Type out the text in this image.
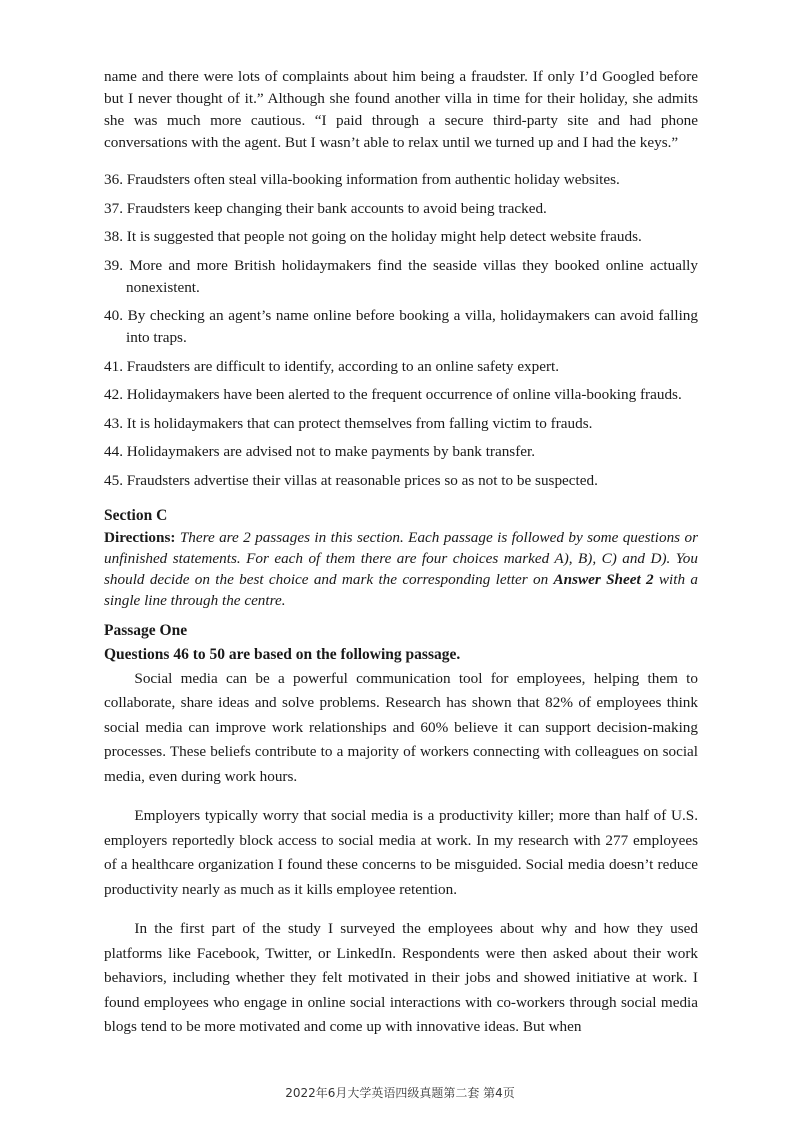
name and there were lots of complaints about him being a fraudster. If only I’d Googled before but I never thought of it.” Although she found another villa in time for their holiday, she admits she was much more cautious. “I paid through a secure third-party site and had phone conversations with the agent. But I wasn’t able to relax until we turned up and I had the keys.”

36. Fraudsters often steal villa-booking information from authentic holiday websites.

37. Fraudsters keep changing their bank accounts to avoid being tracked.

38. It is suggested that people not going on the holiday might help detect website frauds.

39. More and more British holidaymakers find the seaside villas they booked online actually nonexistent.

40. By checking an agent’s name online before booking a villa, holidaymakers can avoid falling into traps.

41. Fraudsters are difficult to identify, according to an online safety expert.

42. Holidaymakers have been alerted to the frequent occurrence of online villa-booking frauds.

43. It is holidaymakers that can protect themselves from falling victim to frauds.

44. Holidaymakers are advised not to make payments by bank transfer.

45. Fraudsters advertise their villas at reasonable prices so as not to be suspected.

Section C

Directions: There are 2 passages in this section. Each passage is followed by some questions or unfinished statements. For each of them there are four choices marked A), B), C) and D). You should decide on the best choice and mark the corresponding letter on Answer Sheet 2 with a single line through the centre.

Passage One
Questions 46 to 50 are based on the following passage.

Social media can be a powerful communication tool for employees, helping them to collaborate, share ideas and solve problems. Research has shown that 82% of employees think social media can improve work relationships and 60% believe it can support decision-making processes. These beliefs contribute to a majority of workers connecting with colleagues on social media, even during work hours.

Employers typically worry that social media is a productivity killer; more than half of U.S. employers reportedly block access to social media at work. In my research with 277 employees of a healthcare organization I found these concerns to be misguided. Social media doesn’t reduce productivity nearly as much as it kills employee retention.

In the first part of the study I surveyed the employees about why and how they used platforms like Facebook, Twitter, or LinkedIn. Respondents were then asked about their work behaviors, including whether they felt motivated in their jobs and showed initiative at work. I found employees who engage in online social interactions with co-workers through social media blogs tend to be more motivated and come up with innovative ideas. But when

2022年6月大学英语四级真题第二套 第4页
